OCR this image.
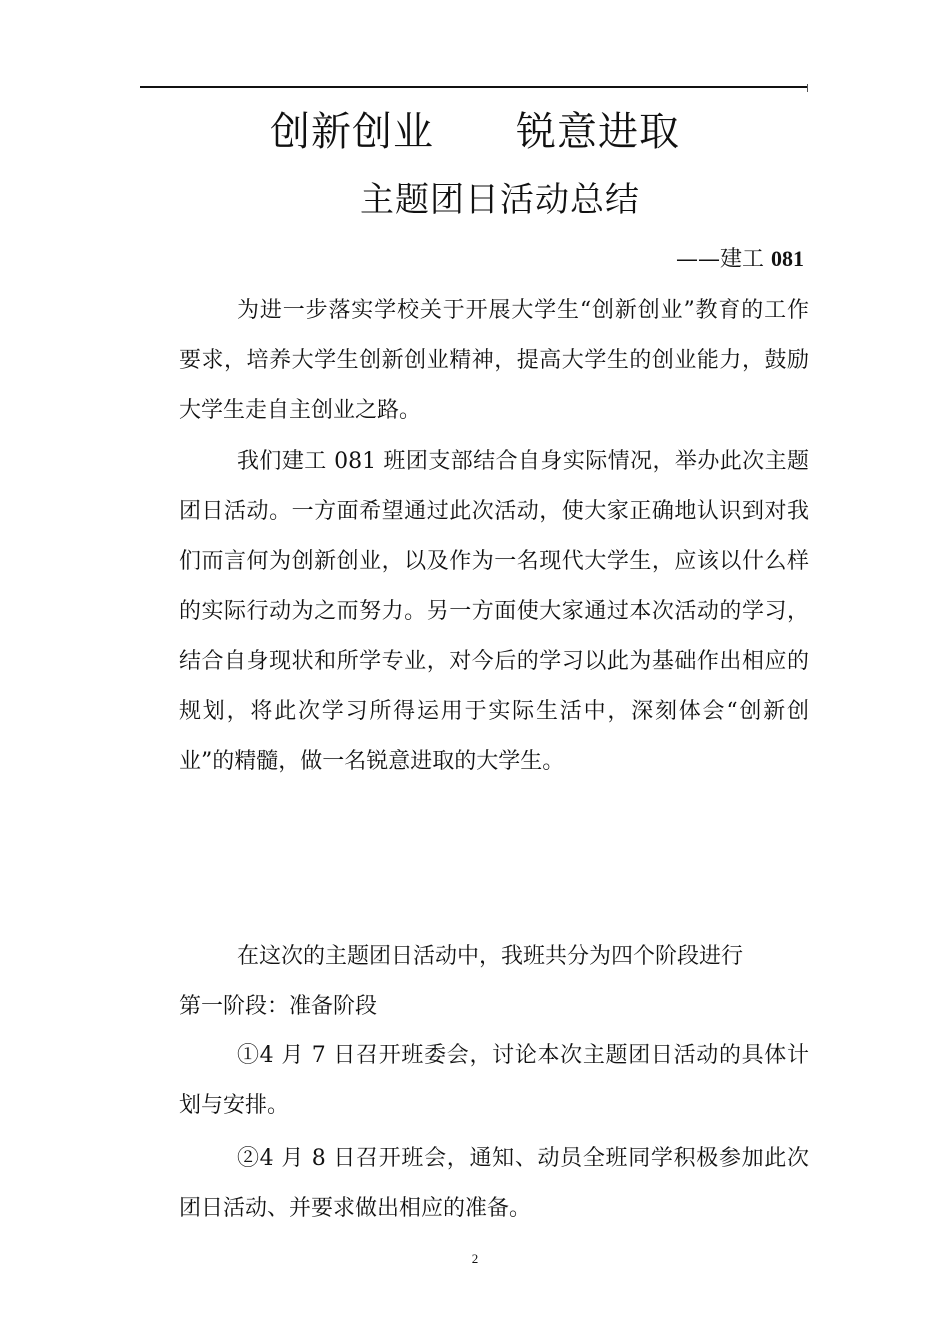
创新创业　　锐意进取
主题团日活动总结
——建工 081
为进一步落实学校关于开展大学生“创新创业”教育的工作要求，培养大学生创新创业精神，提高大学生的创业能力，鼓励大学生走自主创业之路。
我们建工 081 班团支部结合自身实际情况，举办此次主题团日活动。一方面希望通过此次活动，使大家正确地认识到对我们而言何为创新创业，以及作为一名现代大学生，应该以什么样的实际行动为之而努力。另一方面使大家通过本次活动的学习，结合自身现状和所学专业，对今后的学习以此为基础作出相应的规划，将此次学习所得运用于实际生活中，深刻体会“创新创业”的精髓，做一名锐意进取的大学生。
在这次的主题团日活动中，我班共分为四个阶段进行
第一阶段：准备阶段
①4 月 7 日召开班委会，讨论本次主题团日活动的具体计划与安排。
②4 月 8 日召开班会，通知、动员全班同学积极参加此次团日活动、并要求做出相应的准备。
2
